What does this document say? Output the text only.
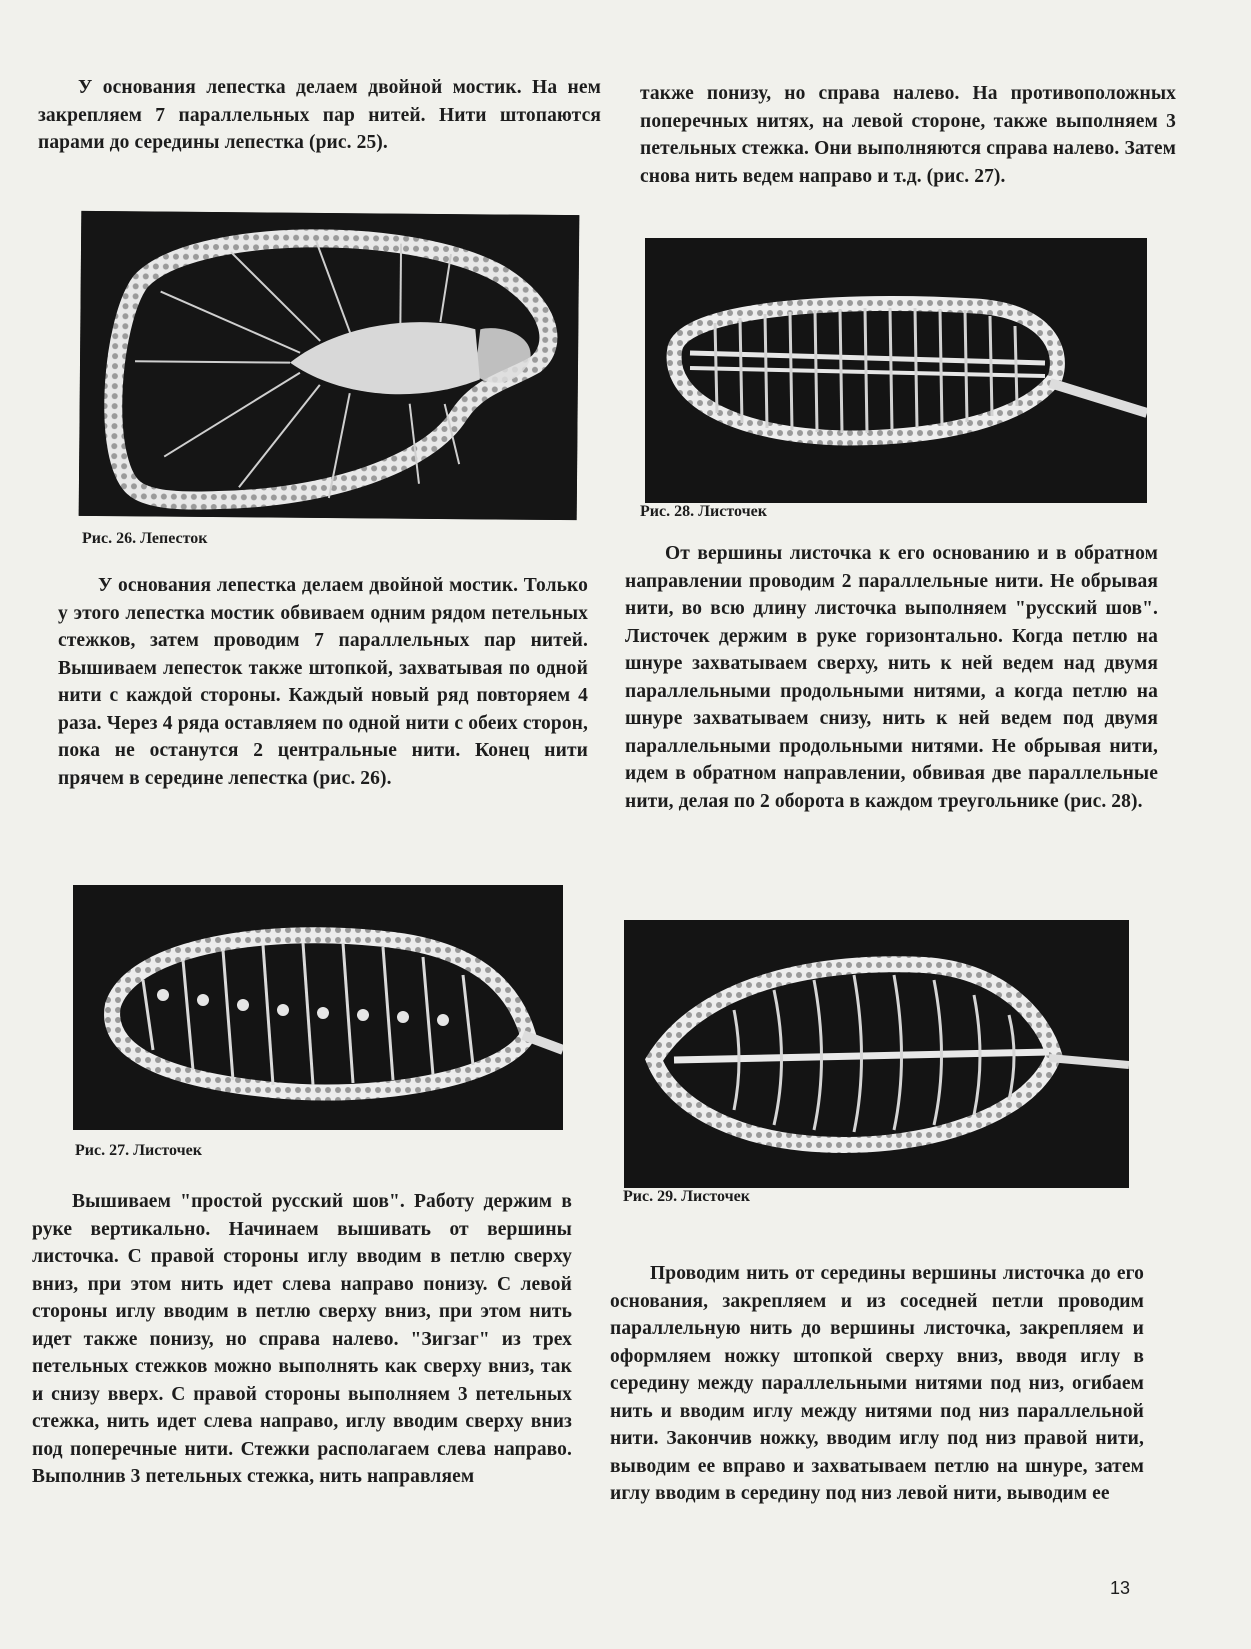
У основания лепестка делаем двойной мостик. На нем закрепляем 7 параллельных пар нитей. Нити штопаются парами до середины лепестка (рис. 25).

Рис. 26. Лепесток

У основания лепестка делаем двойной мостик. Только у этого лепестка мостик обвиваем одним рядом петельных стежков, затем проводим 7 параллельных пар нитей. Вышиваем лепесток также штопкой, захватывая по одной нити с каждой стороны. Каждый новый ряд повторяем 4 раза. Через 4 ряда оставляем по одной нити с обеих сторон, пока не останутся 2 центральные нити. Конец нити прячем в середине лепестка (рис. 26).

Рис. 27. Листочек

Вышиваем "простой русский шов". Работу держим в руке вертикально. Начинаем вышивать от вершины листочка. С правой стороны иглу вводим в петлю сверху вниз, при этом нить идет слева направо понизу. С левой стороны иглу вводим в петлю сверху вниз, при этом нить идет также понизу, но справа налево. "Зигзаг" из трех петельных стежков можно выполнять как сверху вниз, так и снизу вверх. С правой стороны выполняем 3 петельных стежка, нить идет слева направо, иглу вводим сверху вниз под поперечные нити. Стежки располагаем слева направо. Выполнив 3 петельных стежка, нить направляем

также понизу, но справа налево. На противоположных поперечных нитях, на левой стороне, также выполняем 3 петельных стежка. Они выполняются справа налево. Затем снова нить ведем направо и т.д. (рис. 27).

Рис. 28. Листочек

От вершины листочка к его основанию и в обратном направлении проводим 2 параллельные нити. Не обрывая нити, во всю длину листочка выполняем "русский шов". Листочек держим в руке горизонтально. Когда петлю на шнуре захватываем сверху, нить к ней ведем над двумя параллельными продольными нитями, а когда петлю на шнуре захватываем снизу, нить к ней ведем под двумя параллельными продольными нитями. Не обрывая нити, идем в обратном направлении, обвивая две параллельные нити, делая по 2 оборота в каждом треугольнике (рис. 28).

Рис. 29. Листочек

Проводим нить от середины вершины листочка до его основания, закрепляем и из соседней петли проводим параллельную нить до вершины листочка, закрепляем и оформляем ножку штопкой сверху вниз, вводя иглу в середину между параллельными нитями под низ, огибаем нить и вводим иглу между нитями под низ параллельной нити. Закончив ножку, вводим иглу под низ правой нити, выводим ее вправо и захватываем петлю на шнуре, затем иглу вводим в середину под низ левой нити, выводим ее

13
